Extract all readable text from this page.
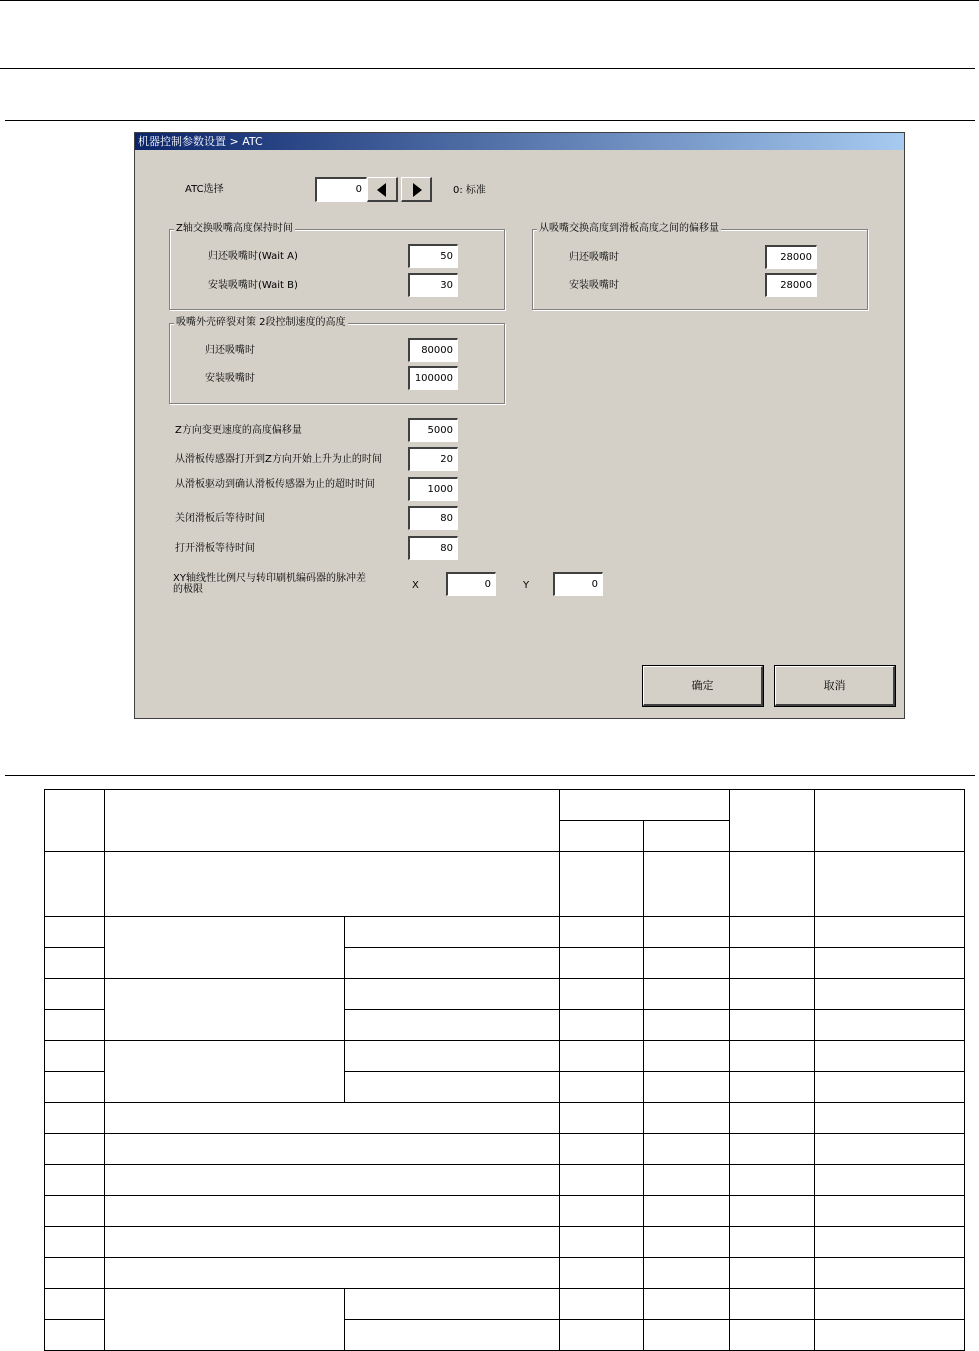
机器控制参数设置 > ATC
ATC选择	0	0: 标准
Z轴交换吸嘴高度保持时间
归还吸嘴时(Wait A)	50
安装吸嘴时(Wait B)	30
从吸嘴交换高度到滑板高度之间的偏移量
归还吸嘴时	28000
安装吸嘴时	28000
吸嘴外壳碎裂对策 2段控制速度的高度
归还吸嘴时	80000
安装吸嘴时	100000
Z方向变更速度的高度偏移量	5000
从滑板传感器打开到Z方向开始上升为止的时间	20
从滑板驱动到确认滑板传感器为止的超时时间	1000
关闭滑板后等待时间	80
打开滑板等待时间	80
XY轴线性比例尺与转印刷机编码器的脉冲差
的极限	X	0	Y	0
确定	取消
